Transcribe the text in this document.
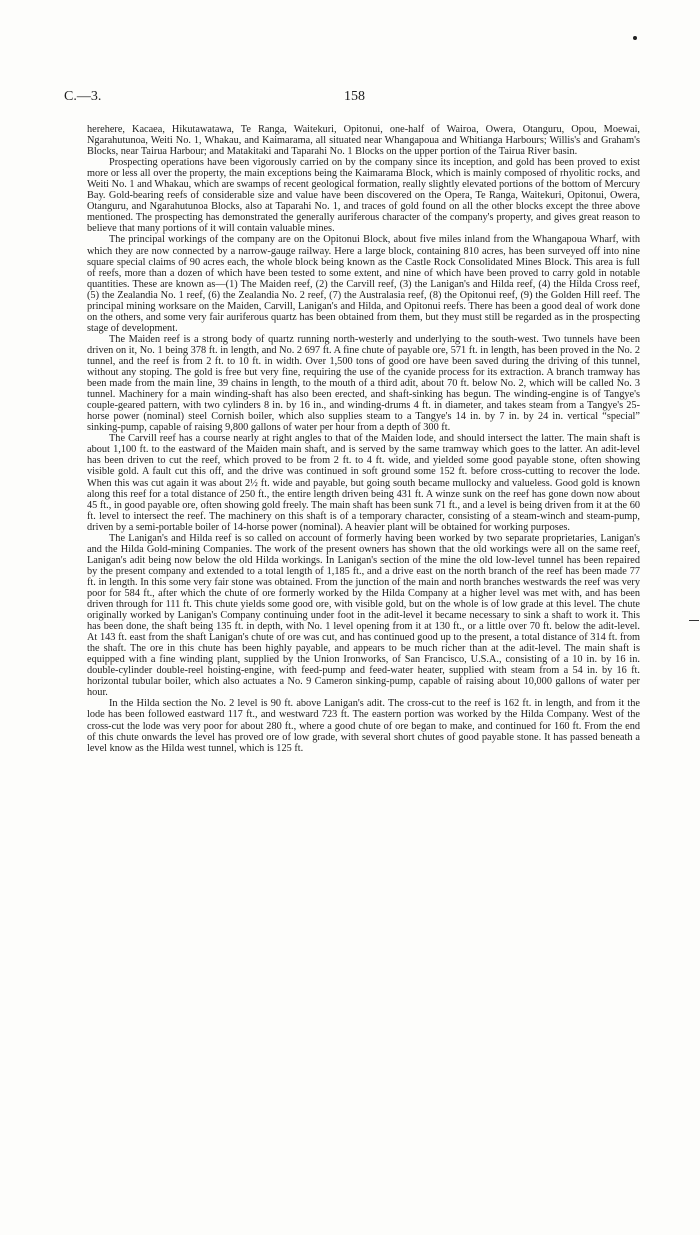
C.—3.	158

herehere, Kacaea, Hikutawatawa, Te Ranga, Waitekuri, Opitonui, one-half of Wairoa, Owera, Otanguru, Opou, Moewai, Ngarahutunoa, Weiti No. 1, Whakau, and Kaimarama, all situated near Whangapoua and Whitianga Harbours; Willis's and Graham's Blocks, near Tairua Harbour; and Matakitaki and Taparahi No. 1 Blocks on the upper portion of the Tairua River basin.

Prospecting operations have been vigorously carried on by the company since its inception, and gold has been proved to exist more or less all over the property, the main exceptions being the Kaimarama Block, which is mainly composed of rhyolitic rocks, and Weiti No. 1 and Whakau, which are swamps of recent geological formation, really slightly elevated portions of the bottom of Mercury Bay. Gold-bearing reefs of considerable size and value have been discovered on the Opera, Te Ranga, Waitekuri, Opitonui, Owera, Otanguru, and Ngarahutunoa Blocks, also at Taparahi No. 1, and traces of gold found on all the other blocks except the three above mentioned. The prospecting has demonstrated the generally auriferous character of the company's property, and gives great reason to believe that many portions of it will contain valuable mines.

The principal workings of the company are on the Opitonui Block, about five miles inland from the Whangapoua Wharf, with which they are now connected by a narrow-gauge railway. Here a large block, containing 810 acres, has been surveyed off into nine square special claims of 90 acres each, the whole block being known as the Castle Rock Consolidated Mines Block. This area is full of reefs, more than a dozen of which have been tested to some extent, and nine of which have been proved to carry gold in notable quantities. These are known as—(1) The Maiden reef, (2) the Carvill reef, (3) the Lanigan's and Hilda reef, (4) the Hilda Cross reef, (5) the Zealandia No. 1 reef, (6) the Zealandia No. 2 reef, (7) the Australasia reef, (8) the Opitonui reef, (9) the Golden Hill reef. The principal mining worksare on the Maiden, Carvill, Lanigan's and Hilda, and Opitonui reefs. There has been a good deal of work done on the others, and some very fair auriferous quartz has been obtained from them, but they must still be regarded as in the prospecting stage of development.

The Maiden reef is a strong body of quartz running north-westerly and underlying to the south-west. Two tunnels have been driven on it, No. 1 being 378 ft. in length, and No. 2 697 ft. A fine chute of payable ore, 571 ft. in length, has been proved in the No. 2 tunnel, and the reef is from 2 ft. to 10 ft. in width. Over 1,500 tons of good ore have been saved during the driving of this tunnel, without any stoping. The gold is free but very fine, requiring the use of the cyanide process for its extraction. A branch tramway has been made from the main line, 39 chains in length, to the mouth of a third adit, about 70 ft. below No. 2, which will be called No. 3 tunnel. Machinery for a main winding-shaft has also been erected, and shaft-sinking has begun. The winding-engine is of Tangye's couple-geared pattern, with two cylinders 8 in. by 16 in., and winding-drums 4 ft. in diameter, and takes steam from a Tangye's 25-horse power (nominal) steel Cornish boiler, which also supplies steam to a Tangye's 14 in. by 7 in. by 24 in. vertical “special” sinking-pump, capable of raising 9,800 gallons of water per hour from a depth of 300 ft.

The Carvill reef has a course nearly at right angles to that of the Maiden lode, and should intersect the latter. The main shaft is about 1,100 ft. to the eastward of the Maiden main shaft, and is served by the same tramway which goes to the latter. An adit-level has been driven to cut the reef, which proved to be from 2 ft. to 4 ft. wide, and yielded some good payable stone, often showing visible gold. A fault cut this off, and the drive was continued in soft ground some 152 ft. before cross-cutting to recover the lode. When this was cut again it was about 2½ ft. wide and payable, but going south became mullocky and valueless. Good gold is known along this reef for a total distance of 250 ft., the entire length driven being 431 ft. A winze sunk on the reef has gone down now about 45 ft., in good payable ore, often showing gold freely. The main shaft has been sunk 71 ft., and a level is being driven from it at the 60 ft. level to intersect the reef. The machinery on this shaft is of a temporary character, consisting of a steam-winch and steam-pump, driven by a semi-portable boiler of 14-horse power (nominal). A heavier plant will be obtained for working purposes.

The Lanigan's and Hilda reef is so called on account of formerly having been worked by two separate proprietaries, Lanigan's and the Hilda Gold-mining Companies. The work of the present owners has shown that the old workings were all on the same reef, Lanigan's adit being now below the old Hilda workings. In Lanigan's section of the mine the old low-level tunnel has been repaired by the present company and extended to a total length of 1,185 ft., and a drive east on the north branch of the reef has been made 77 ft. in length. In this some very fair stone was obtained. From the junction of the main and north branches westwards the reef was very poor for 584 ft., after which the chute of ore formerly worked by the Hilda Company at a higher level was met with, and has been driven through for 111 ft. This chute yields some good ore, with visible gold, but on the whole is of low grade at this level. The chute originally worked by Lanigan's Company continuing under foot in the adit-level it became necessary to sink a shaft to work it. This has been done, the shaft being 135 ft. in depth, with No. 1 level opening from it at 130 ft., or a little over 70 ft. below the adit-level. At 143 ft. east from the shaft Lanigan's chute of ore was cut, and has continued good up to the present, a total distance of 314 ft. from the shaft. The ore in this chute has been highly payable, and appears to be much richer than at the adit-level. The main shaft is equipped with a fine winding plant, supplied by the Union Ironworks, of San Francisco, U.S.A., consisting of a 10 in. by 16 in. double-cylinder double-reel hoisting-engine, with feed-pump and feed-water heater, supplied with steam from a 54 in. by 16 ft. horizontal tubular boiler, which also actuates a No. 9 Cameron sinking-pump, capable of raising about 10,000 gallons of water per hour.

In the Hilda section the No. 2 level is 90 ft. above Lanigan's adit. The cross-cut to the reef is 162 ft. in length, and from it the lode has been followed eastward 117 ft., and westward 723 ft. The eastern portion was worked by the Hilda Company. West of the cross-cut the lode was very poor for about 280 ft., where a good chute of ore began to make, and continued for 160 ft. From the end of this chute onwards the level has proved ore of low grade, with several short chutes of good payable stone. It has passed beneath a level know as the Hilda west tunnel, which is 125 ft.
